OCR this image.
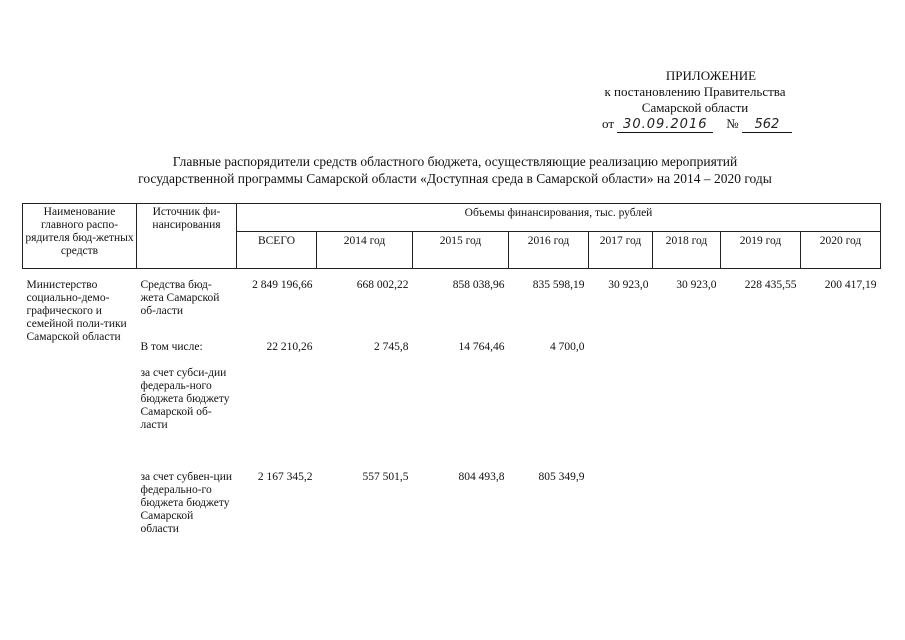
ПРИЛОЖЕНИЕ
к постановлению Правительства
Самарской области
от 30.09.2016 № 562
Главные распорядители средств областного бюджета, осуществляющие реализацию мероприятий
государственной программы Самарской области «Доступная среда в Самарской области» на 2014 – 2020 годы
Наименование главного распо-рядителя бюд-жетных средств	Источник фи-нансирования	Объемы финансирования, тыс. рублей							
		ВСЕГО	2014 год	2015 год	2016 год	2017 год	2018 год	2019 год	2020 год

Министерство социально-демо-графического и семейной поли-тики Самарской области	Средства бюд-жета Самарской об-ласти	2 849 196,66	668 002,22	858 038,96	835 598,19	30 923,0	30 923,0	228 435,55	200 417,19
	В том числе:	22 210,26	2 745,8	14 764,46	4 700,0				
	за счет субси-дии федераль-ного бюджета бюджету Самарской об-ласти								
	за счет субвен-ции федерально-го бюджета бюджету Самарской области	2 167 345,2	557 501,5	804 493,8	805 349,9				
